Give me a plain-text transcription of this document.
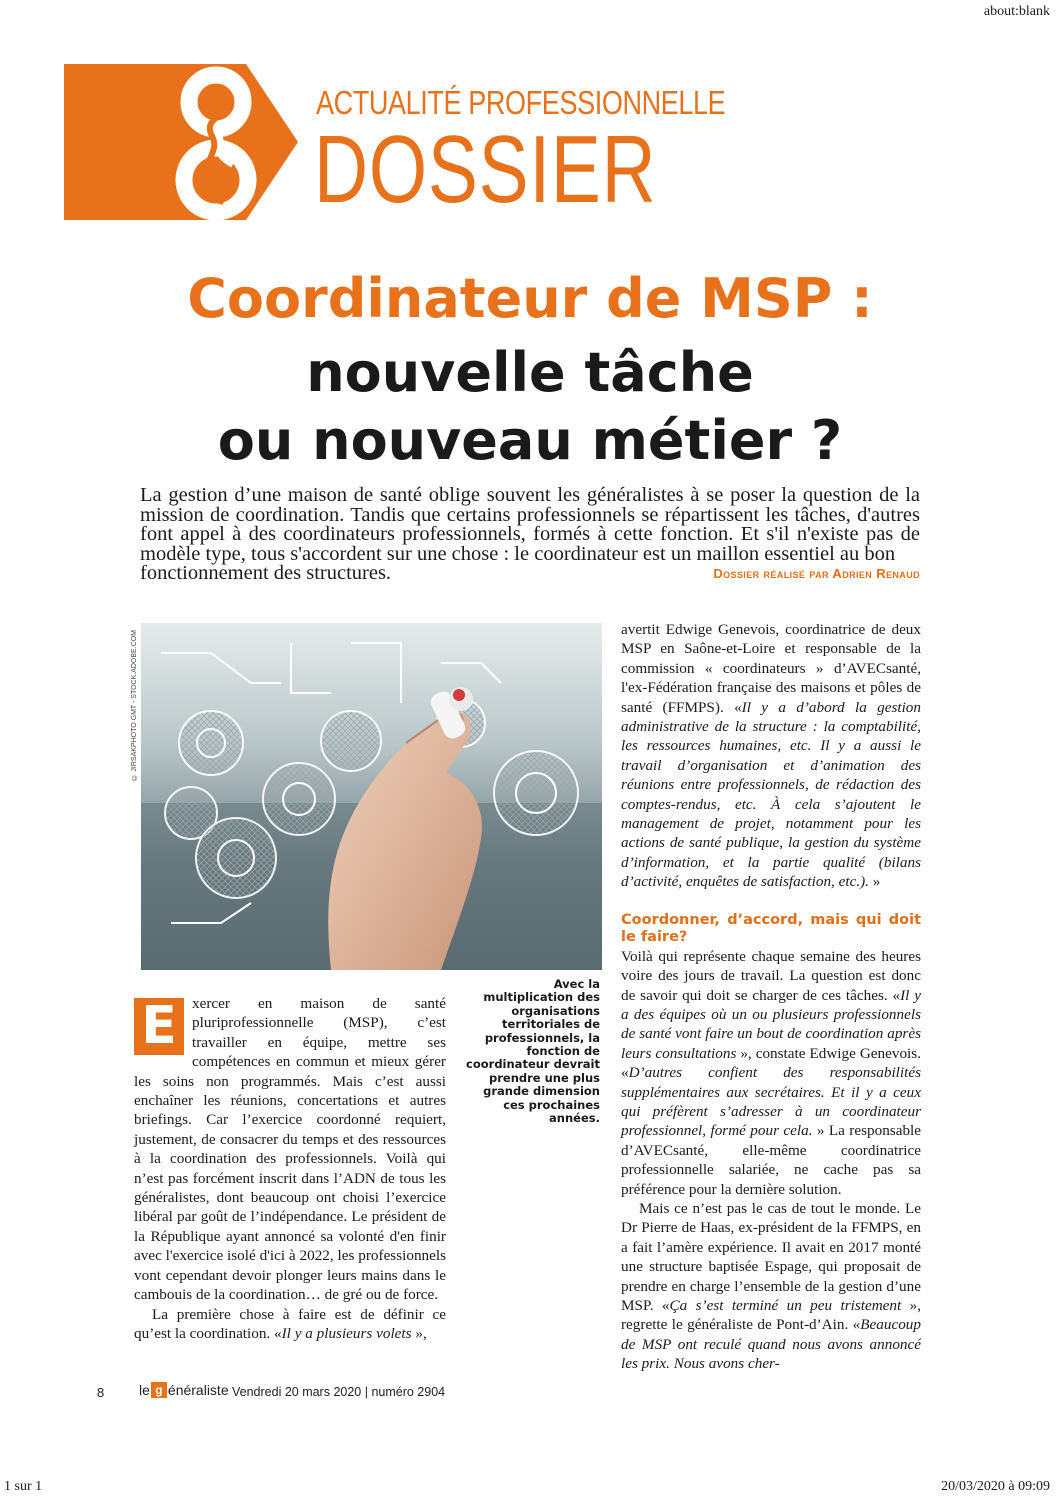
about:blank
ACTUALITÉ PROFESSIONNELLE
DOSSIER
Coordinateur de MSP :
nouvelle tâche
ou nouveau métier ?

La gestion d’une maison de santé oblige souvent les généralistes à se poser la question de la mission de coordination. Tandis que certains professionnels se répartissent les tâches, d'autres font appel à des coordinateurs professionnels, formés à cette fonction. Et s'il n'existe pas de modèle type, tous s'accordent sur une chose : le coordinateur est un maillon essentiel au bon

fonctionnement des structures.	Dossier réalisé par Adrien Renaud
© JIRSAKPHOTO GMT - STOCK.ADOBE.COM

Avec la multiplication des organisations territoriales de professionnels, la fonction de coordinateur devrait prendre une plus grande dimension ces prochaines années.

E	xercer en maison de santé pluriprofessionnelle (MSP), c’est travailler en équipe, mettre ses compétences en commun et mieux gérer les soins non programmés. Mais c’est aussi enchaîner les réunions, concertations et autres briefings. Car l’exercice coordonné requiert, justement, de consacrer du temps et des ressources à la coordination des professionnels. Voilà qui n’est pas forcément inscrit dans l’ADN de tous les généralistes, dont beaucoup ont choisi l’exercice libéral par goût de l’indépendance. Le président de la République ayant annoncé sa volonté d'en finir avec l'exercice isolé d'ici à 2022, les professionnels vont cependant devoir plonger leurs mains dans le cambouis de la coordination… de gré ou de force.

La première chose à faire est de définir ce qu’est la coordination. «Il y a plusieurs volets »,

avertit Edwige Genevois, coordinatrice de deux MSP en Saône-et-Loire et responsable de la commission « coordinateurs » d’AVECsanté, l'ex-Fédération française des maisons et pôles de santé (FFMPS). «Il y a d’abord la gestion administrative de la structure : la comptabilité, les ressources humaines, etc. Il y a aussi le travail d’organisation et d’animation des réunions entre professionnels, de rédaction des comptes-rendus, etc. À cela s’ajoutent le management de projet, notamment pour les actions de santé publique, la gestion du système d’information, et la partie qualité (bilans d’activité, enquêtes de satisfaction, etc.). »

Coordonner, d’accord, mais qui doit le faire?

Voilà qui représente chaque semaine des heures voire des jours de travail. La question est donc de savoir qui doit se charger de ces tâches. «Il y a des équipes où un ou plusieurs professionnels de santé vont faire un bout de coordination après leurs consultations », constate Edwige Genevois. «D’autres confient des responsabilités supplémentaires aux secrétaires. Et il y a ceux qui préfèrent s’adresser à un coordinateur professionnel, formé pour cela. » La responsable d’AVECsanté, elle-même coordinatrice professionnelle salariée, ne cache pas sa préférence pour la dernière solution.

Mais ce n’est pas le cas de tout le monde. Le Dr Pierre de Haas, ex-président de la FFMPS, en a fait l’amère expérience. Il avait en 2017 monté une structure baptisée Espage, qui proposait de prendre en charge l’ensemble de la gestion d’une MSP. «Ça s’est terminé un peu tristement », regrette le généraliste de Pont-d’Ain. «Beaucoup de MSP ont reculé quand nous avons annoncé les prix. Nous avons cher-

8 le g énéraliste Vendredi 20 mars 2020 | numéro 2904
1 sur 1	20/03/2020 à 09:09
